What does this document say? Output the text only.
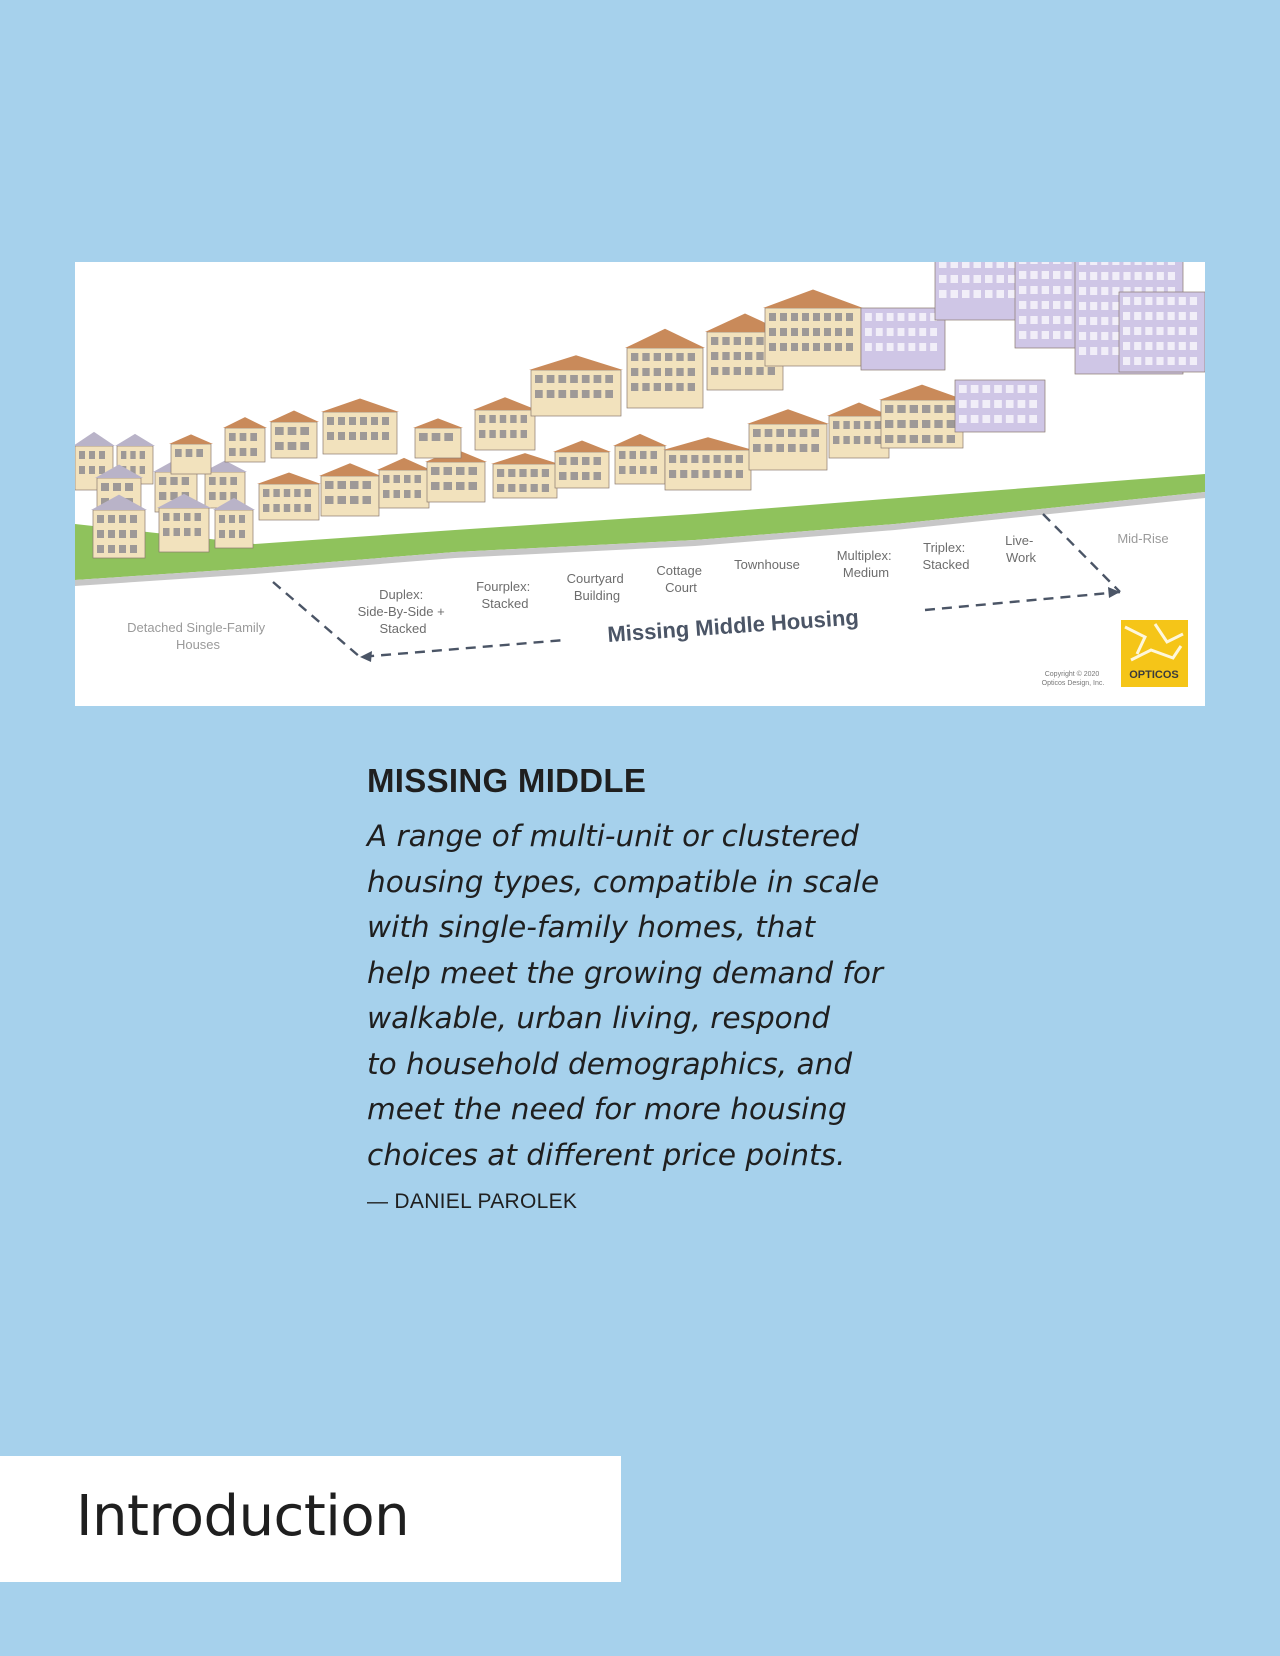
Missing Middle Housing
Detached Single-Family Houses
Duplex: Side-By-Side + Stacked
Fourplex: Stacked
Courtyard Building
Cottage Court
Townhouse
Multiplex: Medium
Triplex: Stacked
Live- Work
Mid-Rise
Copyright © 2020 Opticos Design, Inc.
OPTICOS
MISSING MIDDLE

A range of multi-unit or clustered
housing types, compatible in scale
with single-family homes, that
help meet the growing demand for
walkable, urban living, respond
to household demographics, and
meet the need for more housing
choices at different price points.

— DANIEL PAROLEK
Introduction
